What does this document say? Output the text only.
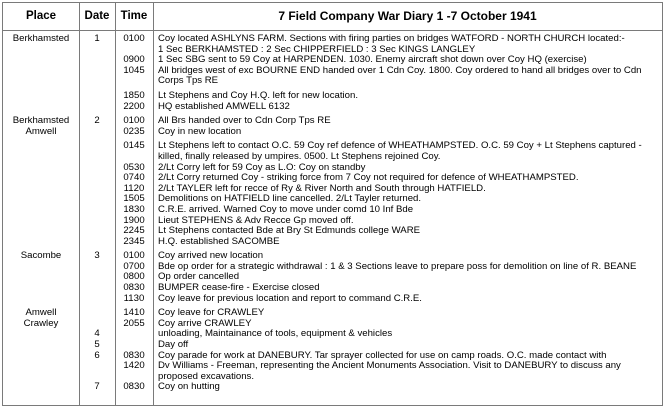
Place	Date Time	7 Field Company War Diary 1 -7 October 1941
Berkhamsted	1	0100	Coy located ASHLYNS FARM. Sections with firing parties on bridges WATFORD - NORTH CHURCH located:-
1 Sec BERKHAMSTED : 2 Sec CHIPPERFIELD : 3 Sec KINGS LANGLEY
0900	1 Sec SBG sent to 59 Coy at HARPENDEN. 1030. Enemy aircraft shot down over Coy HQ (exercise)
1045	All bridges west of exc BOURNE END handed over 1 Cdn Coy. 1800. Coy ordered to hand all bridges over to Cdn Corps Tps RE
1850	Lt Stephens and Coy H.Q. left for new location.
2200	HQ established AMWELL 6132
Berkhamsted	2	0100	All Brs handed over to Cdn Corp Tps RE
Amwell	0235	Coy in new location
0145	Lt Stephens left to contact O.C. 59 Coy ref defence of WHEATHAMPSTED. O.C. 59 Coy + Lt Stephens captured - killed, finally released by umpires. 0500. Lt Stephens rejoined Coy.
0530	2/Lt Corry left for 59 Coy as L.O: Coy on standby
0740	2/Lt Corry returned Coy - striking force from 7 Coy not required for defence of WHEATHAMPSTED.
1120	2/Lt TAYLER left for recce of Ry & River North and South through HATFIELD.
1505	Demolitions on HATFIELD line cancelled. 2/Lt Tayler returned.
1830	C.R.E. arrived. Warned Coy to move under comd 10 Inf Bde
1900	Lieut STEPHENS & Adv Recce Gp moved off.
2245	Lt Stephens contacted Bde at Bry St Edmunds college WARE
2345	H.Q. established SACOMBE
Sacombe	3	0100	Coy arrived new location
0700	Bde op order for a strategic withdrawal : 1 & 3 Sections leave to prepare poss for demolition on line of R. BEANE
0800	Op order cancelled
0830	BUMPER cease-fire - Exercise closed
1130	Coy leave for previous location and report to command C.R.E.
Amwell	1410	Coy leave for CRAWLEY
Crawley	2055	Coy arrive CRAWLEY
4	unloading, Maintainance of tools, equipment & vehicles
5	Day off
6	0830	Coy parade for work at DANEBURY. Tar sprayer collected for use on camp roads. O.C. made contact with
1420	Dv Williams - Freeman, representing the Ancient Monuments Association. Visit to DANEBURY to discuss any proposed excavations.
7	0830	Coy on hutting
